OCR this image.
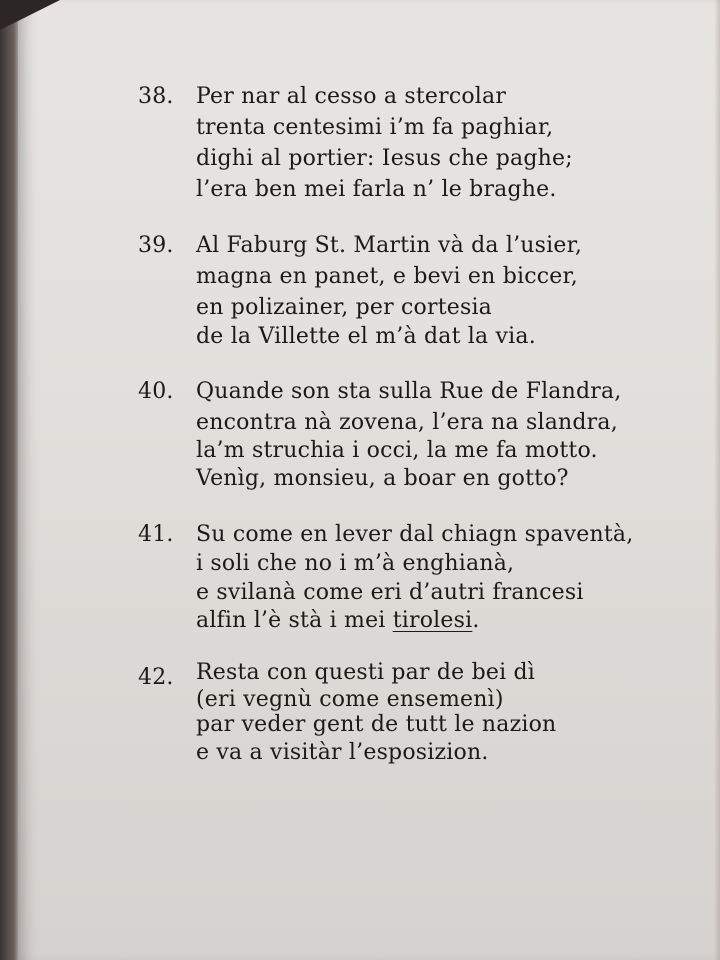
38.	Per nar al cesso a stercolar
trenta centesimi i’m fa paghiar,
dighi al portier: Iesus che paghe;
l’era ben mei farla n’ le braghe.
39.	Al Faburg St. Martin và da l’usier,
magna en panet, e bevi en biccer,
en polizainer, per cortesia
de la Villette el m’à dat la via.
40.	Quande son sta sulla Rue de Flandra,
encontra nà zovena, l’era na slandra,
la’m struchia i occi, la me fa motto.
Venìg, monsieu, a boar en gotto?
41.	Su come en lever dal chiagn spaventà,
i soli che no i m’à enghianà,
e svilanà come eri d’autri francesi
alfin l’è stà i mei tirolesi.
42.	Resta con questi par de bei dì
(eri vegnù come ensemenì)
par veder gent de tutt le nazion
e va a visitàr l’esposizion.
